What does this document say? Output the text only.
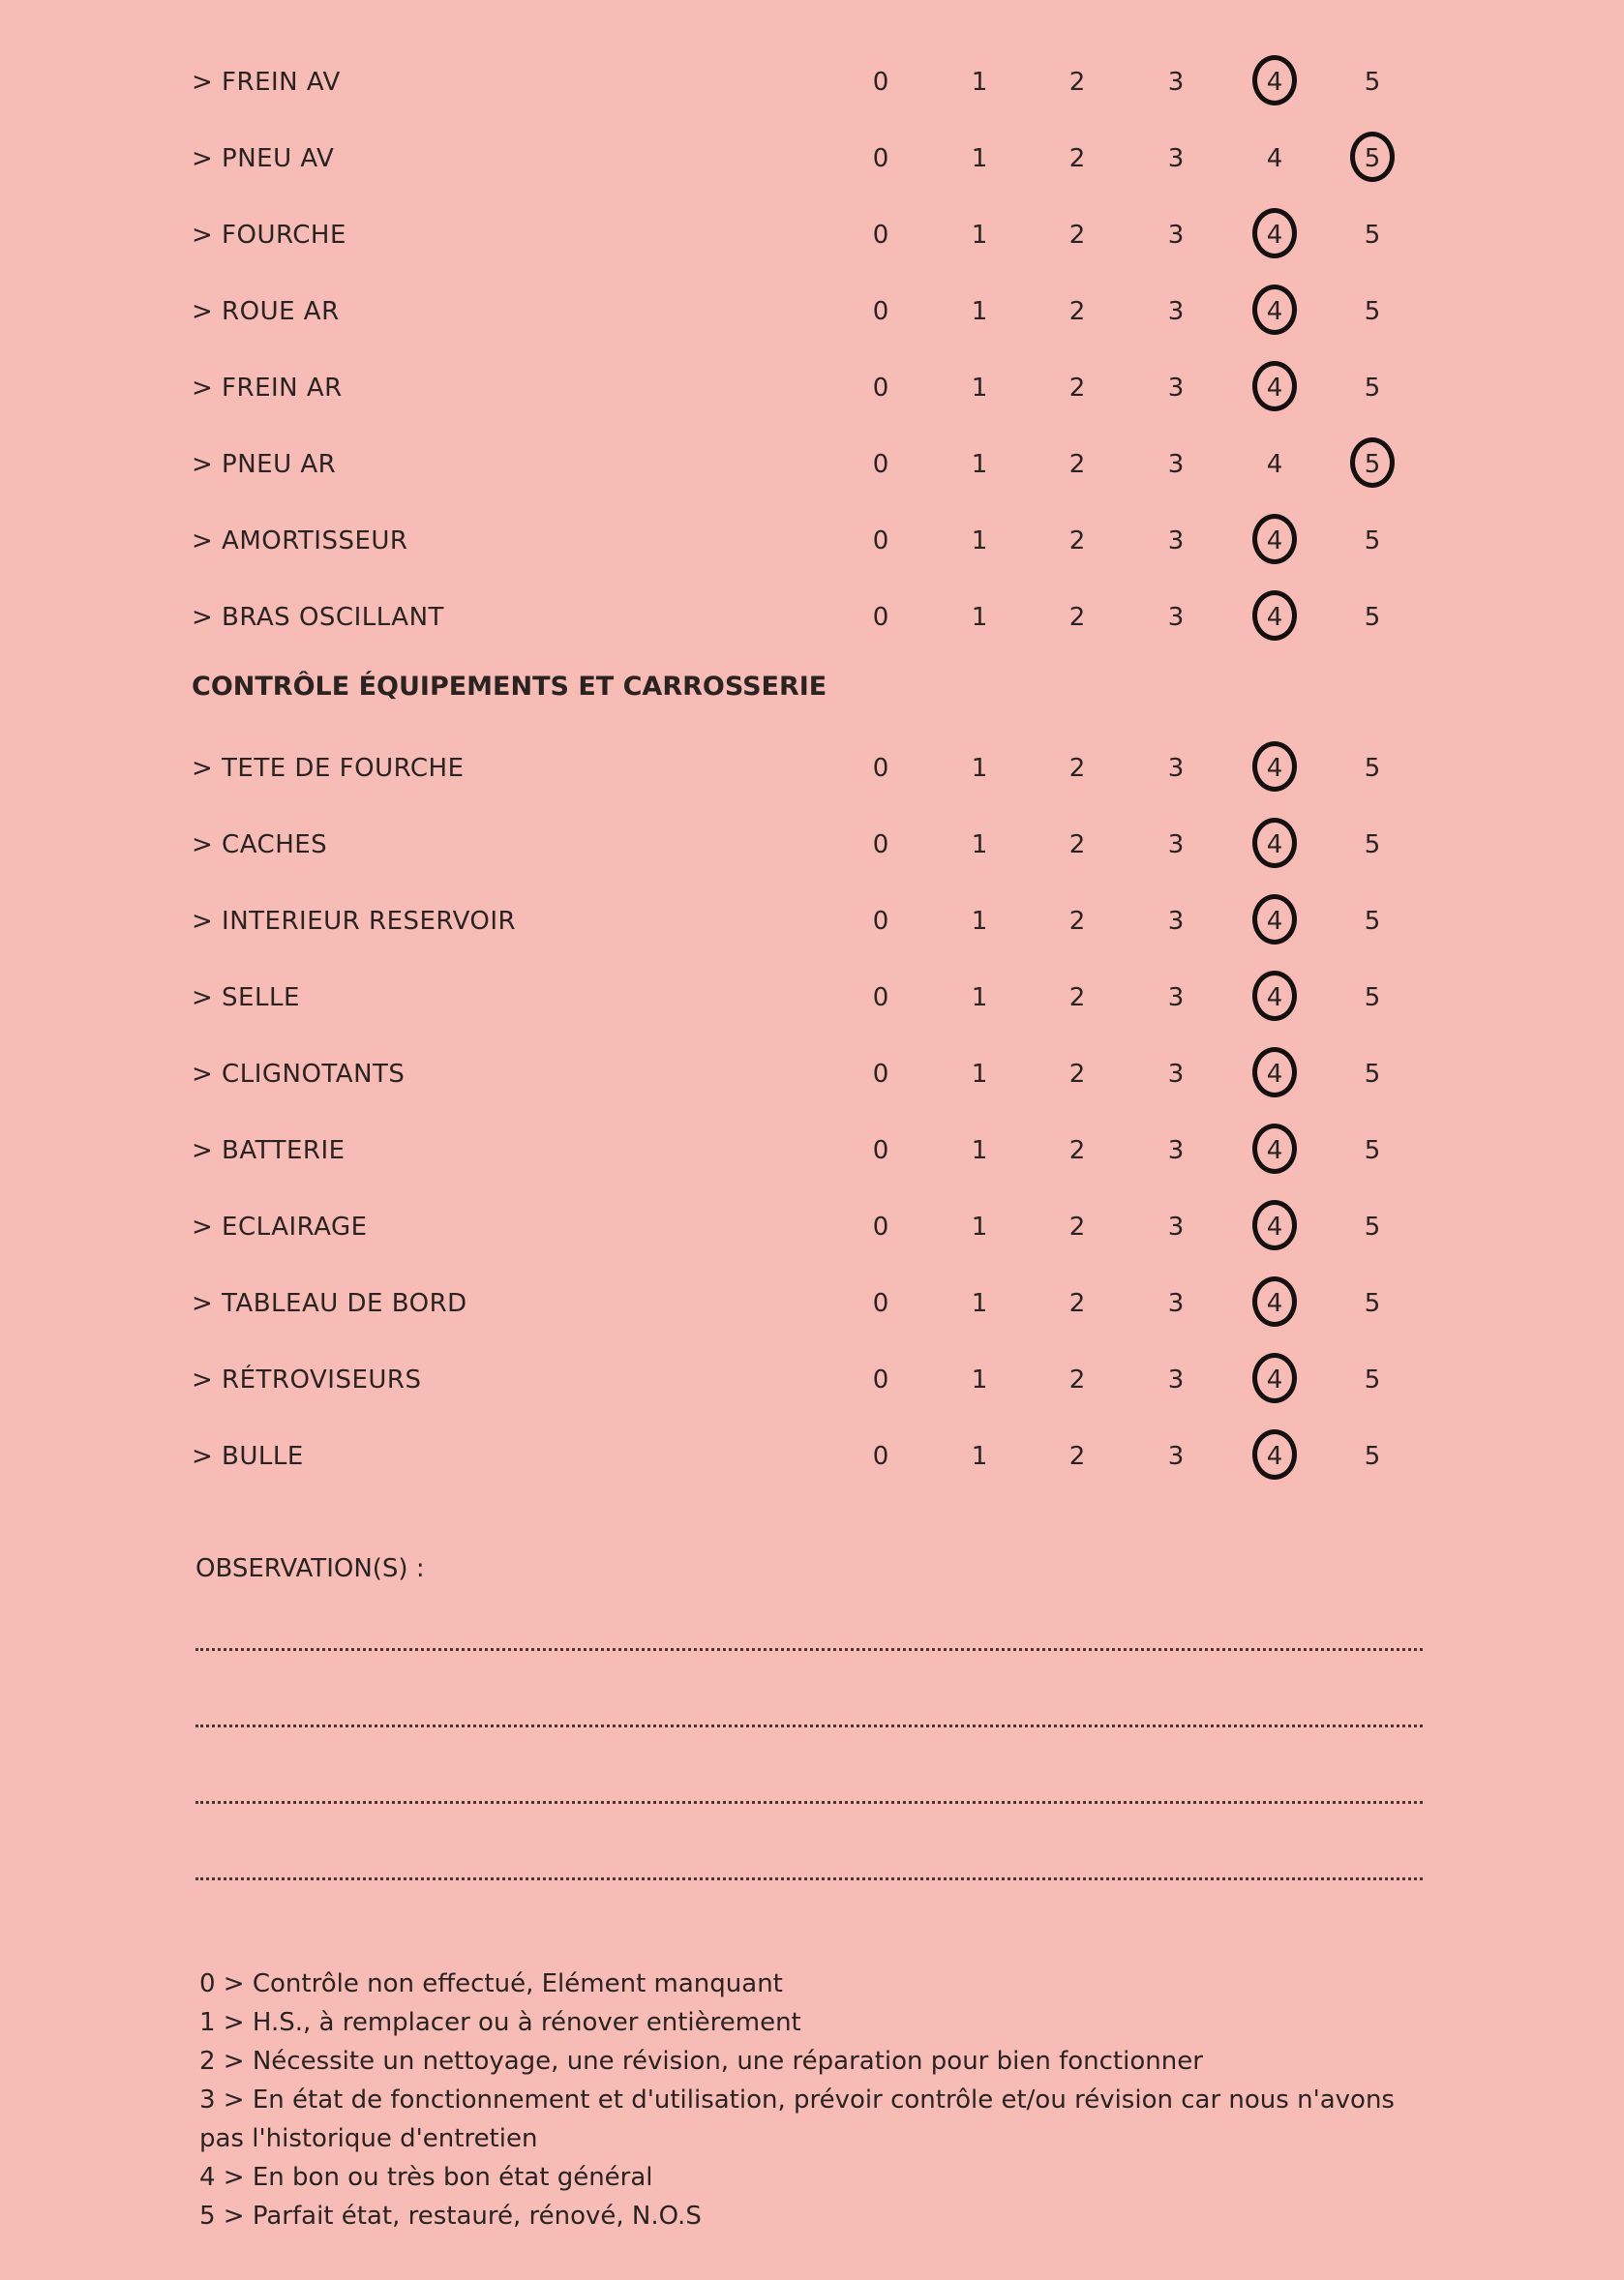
> FREIN AV	0	1	2	3	4	5
> PNEU AV	0	1	2	3	4	5
> FOURCHE	0	1	2	3	4	5
> ROUE AR	0	1	2	3	4	5
> FREIN AR	0	1	2	3	4	5
> PNEU AR	0	1	2	3	4	5
> AMORTISSEUR	0	1	2	3	4	5
> BRAS OSCILLANT	0	1	2	3	4	5
CONTRÔLE ÉQUIPEMENTS ET CARROSSERIE
> TETE DE FOURCHE	0	1	2	3	4	5
> CACHES	0	1	2	3	4	5
> INTERIEUR RESERVOIR	0	1	2	3	4	5
> SELLE	0	1	2	3	4	5
> CLIGNOTANTS	0	1	2	3	4	5
> BATTERIE	0	1	2	3	4	5
> ECLAIRAGE	0	1	2	3	4	5
> TABLEAU DE BORD	0	1	2	3	4	5
> RÉTROVISEURS	0	1	2	3	4	5
> BULLE	0	1	2	3	4	5
OBSERVATION(S) :
0 > Contrôle non effectué, Elément manquant
1 > H.S., à remplacer ou à rénover entièrement
2 > Nécessite un nettoyage, une révision, une réparation pour bien fonctionner
3 > En état de fonctionnement et d'utilisation, prévoir contrôle et/ou révision car nous n'avons pas l'historique d'entretien
4 > En bon ou très bon état général
5 > Parfait état, restauré, rénové, N.O.S
